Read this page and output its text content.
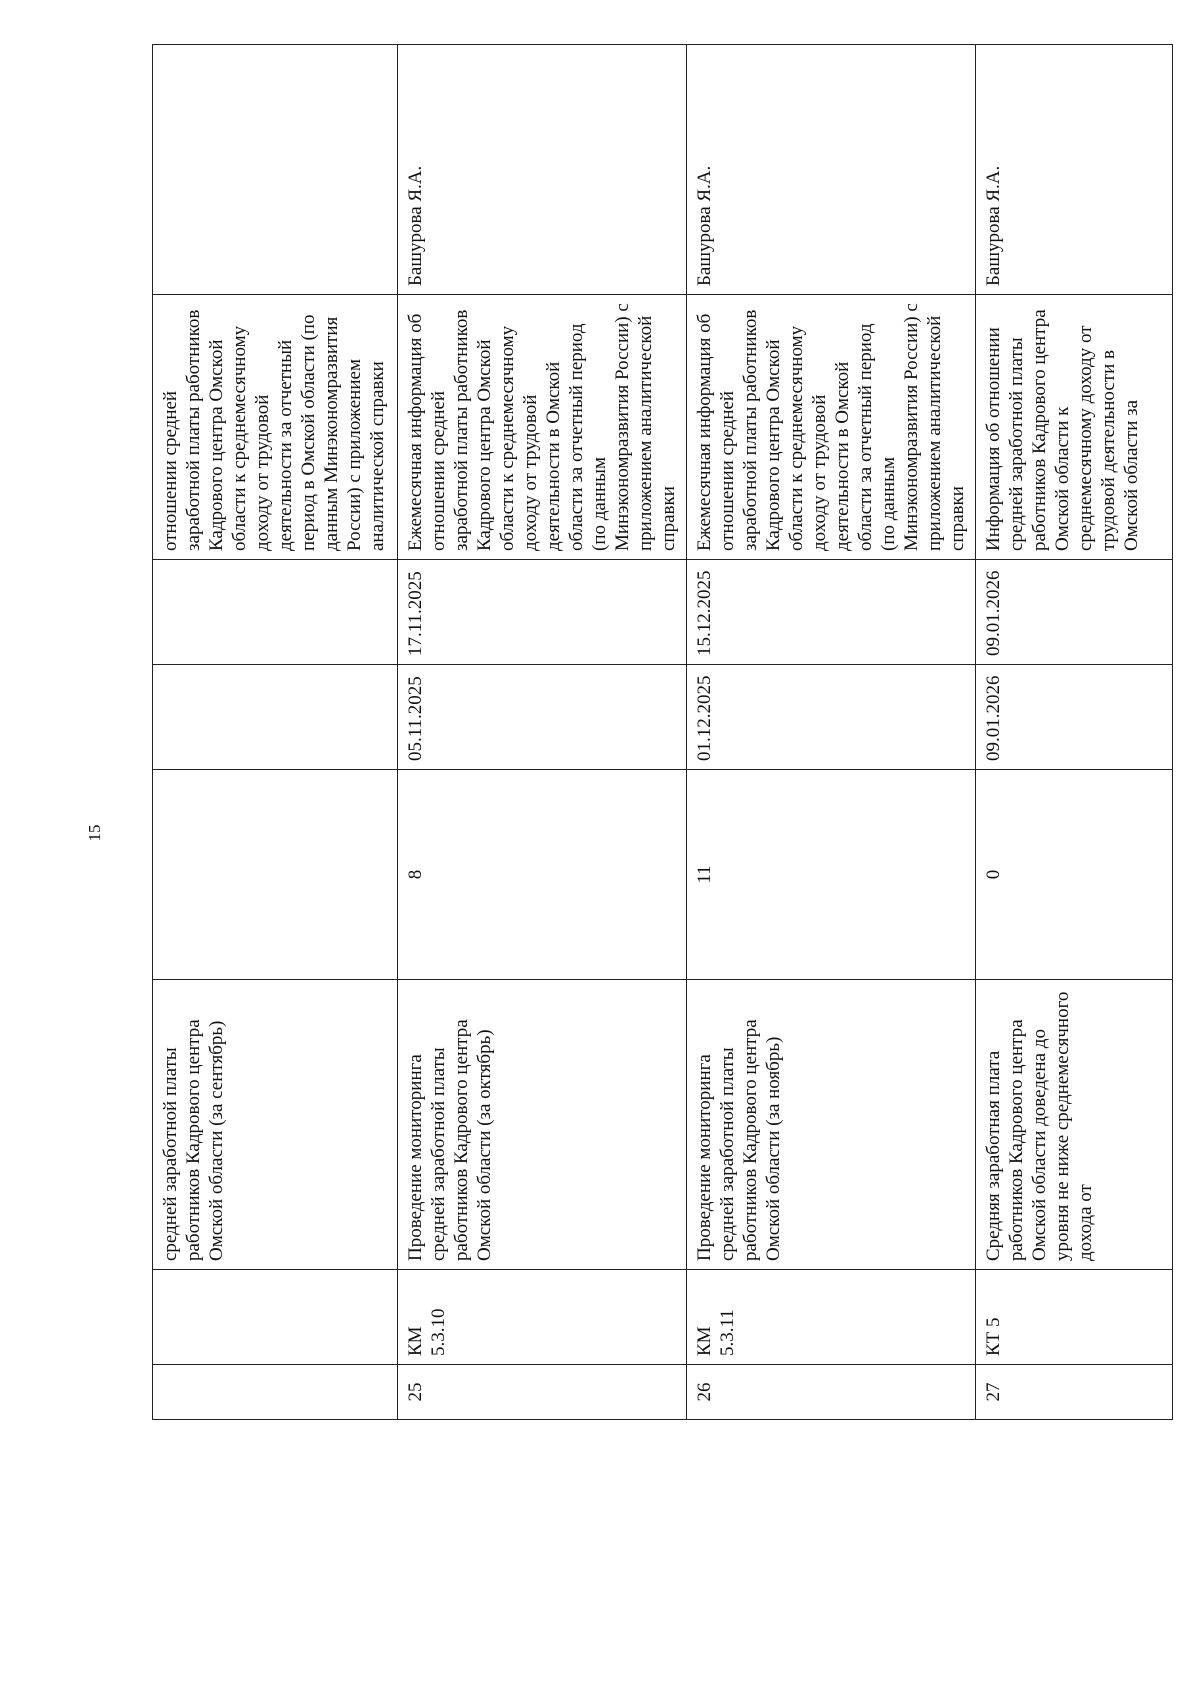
15
		средней заработной платы работников Кадрового центра Омской области (за сентябрь)				отношении средней заработной платы работников Кадрового центра Омской области к среднемесячному доходу от трудовой деятельности за отчетный период в Омской области (по данным Минэкономразвития России) с приложением аналитической справки	
25	КМ 5.3.10	Проведение мониторинга средней заработной платы работников Кадрового центра Омской области (за октябрь)	8	05.11.2025	17.11.2025	Ежемесячная информация об отношении средней заработной платы работников Кадрового центра Омской области к среднемесячному доходу от трудовой деятельности в Омской области за отчетный период (по данным Минэкономразвития России) с приложением аналитической справки	Башурова Я.А.
26	КМ 5.3.11	Проведение мониторинга средней заработной платы работников Кадрового центра Омской области (за ноябрь)	11	01.12.2025	15.12.2025	Ежемесячная информация об отношении средней заработной платы работников Кадрового центра Омской области к среднемесячному доходу от трудовой деятельности в Омской области за отчетный период (по данным Минэкономразвития России) с приложением аналитической справки	Башурова Я.А.
27	КТ 5	Средняя заработная плата работников Кадрового центра Омской области доведена до уровня не ниже среднемесячного дохода от	0	09.01.2026	09.01.2026	Информация об отношении средней заработной платы работников Кадрового центра Омской области к среднемесячному доходу от трудовой деятельности в Омской области за	Башурова Я.А.
